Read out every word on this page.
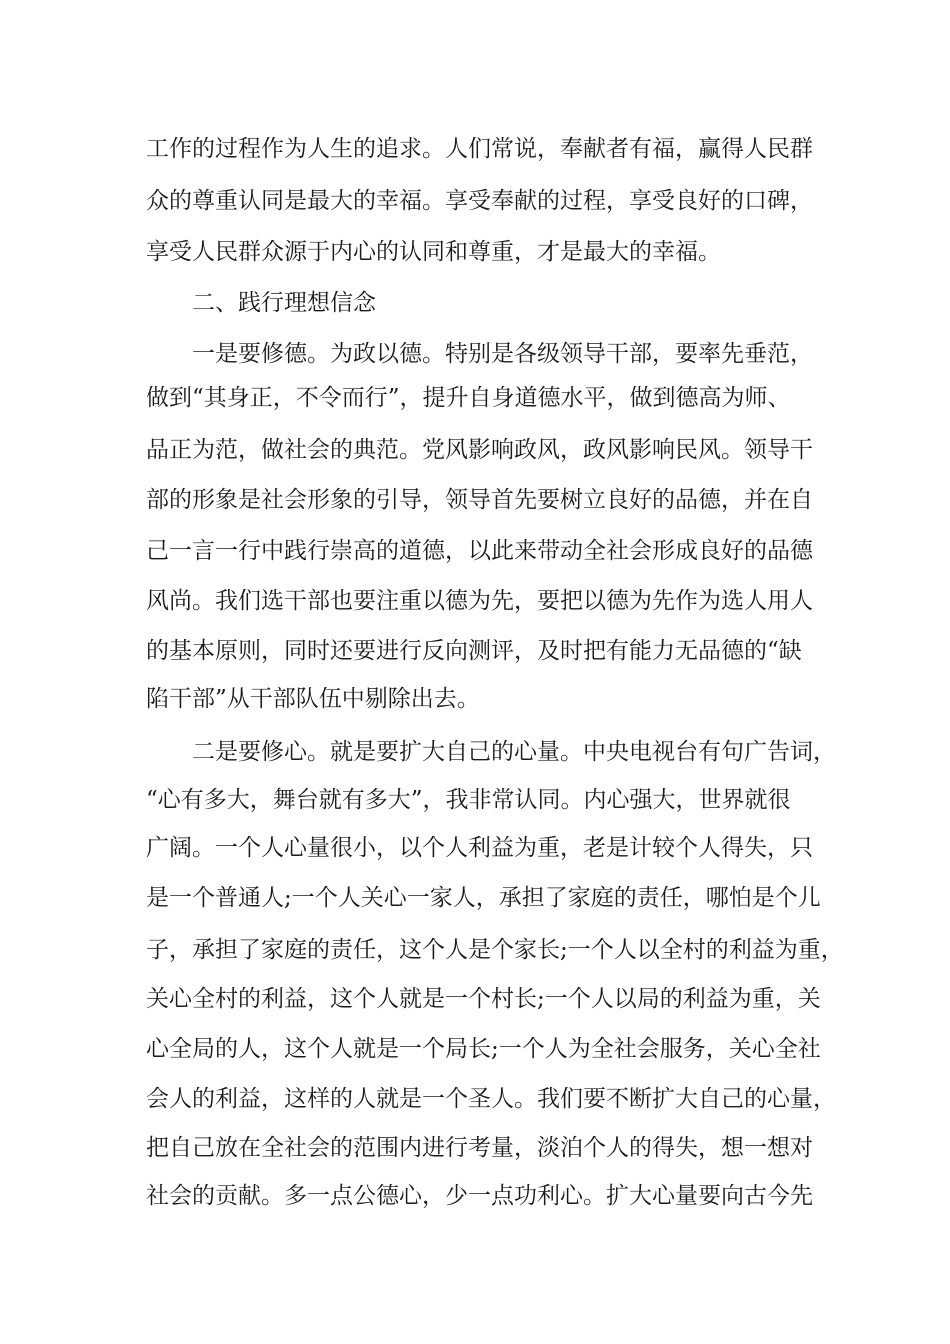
工作的过程作为人生的追求。人们常说，奉献者有福，赢得人民群

众的尊重认同是最大的幸福。享受奉献的过程，享受良好的口碑，

享受人民群众源于内心的认同和尊重，才是最大的幸福。

二、践行理想信念

一是要修德。为政以德。特别是各级领导干部，要率先垂范，

做到“其身正，不令而行”，提升自身道德水平，做到德高为师、

品正为范，做社会的典范。党风影响政风，政风影响民风。领导干

部的形象是社会形象的引导，领导首先要树立良好的品德，并在自

己一言一行中践行崇高的道德，以此来带动全社会形成良好的品德

风尚。我们选干部也要注重以德为先，要把以德为先作为选人用人

的基本原则，同时还要进行反向测评，及时把有能力无品德的“缺

陷干部”从干部队伍中剔除出去。

二是要修心。就是要扩大自己的心量。中央电视台有句广告词，

“心有多大，舞台就有多大”，我非常认同。内心强大，世界就很

广阔。一个人心量很小，以个人利益为重，老是计较个人得失，只

是一个普通人;一个人关心一家人，承担了家庭的责任，哪怕是个儿

子，承担了家庭的责任，这个人是个家长;一个人以全村的利益为重，

关心全村的利益，这个人就是一个村长;一个人以局的利益为重，关

心全局的人，这个人就是一个局长;一个人为全社会服务，关心全社

会人的利益，这样的人就是一个圣人。我们要不断扩大自己的心量，

把自己放在全社会的范围内进行考量，淡泊个人的得失，想一想对

社会的贡献。多一点公德心，少一点功利心。扩大心量要向古今先
